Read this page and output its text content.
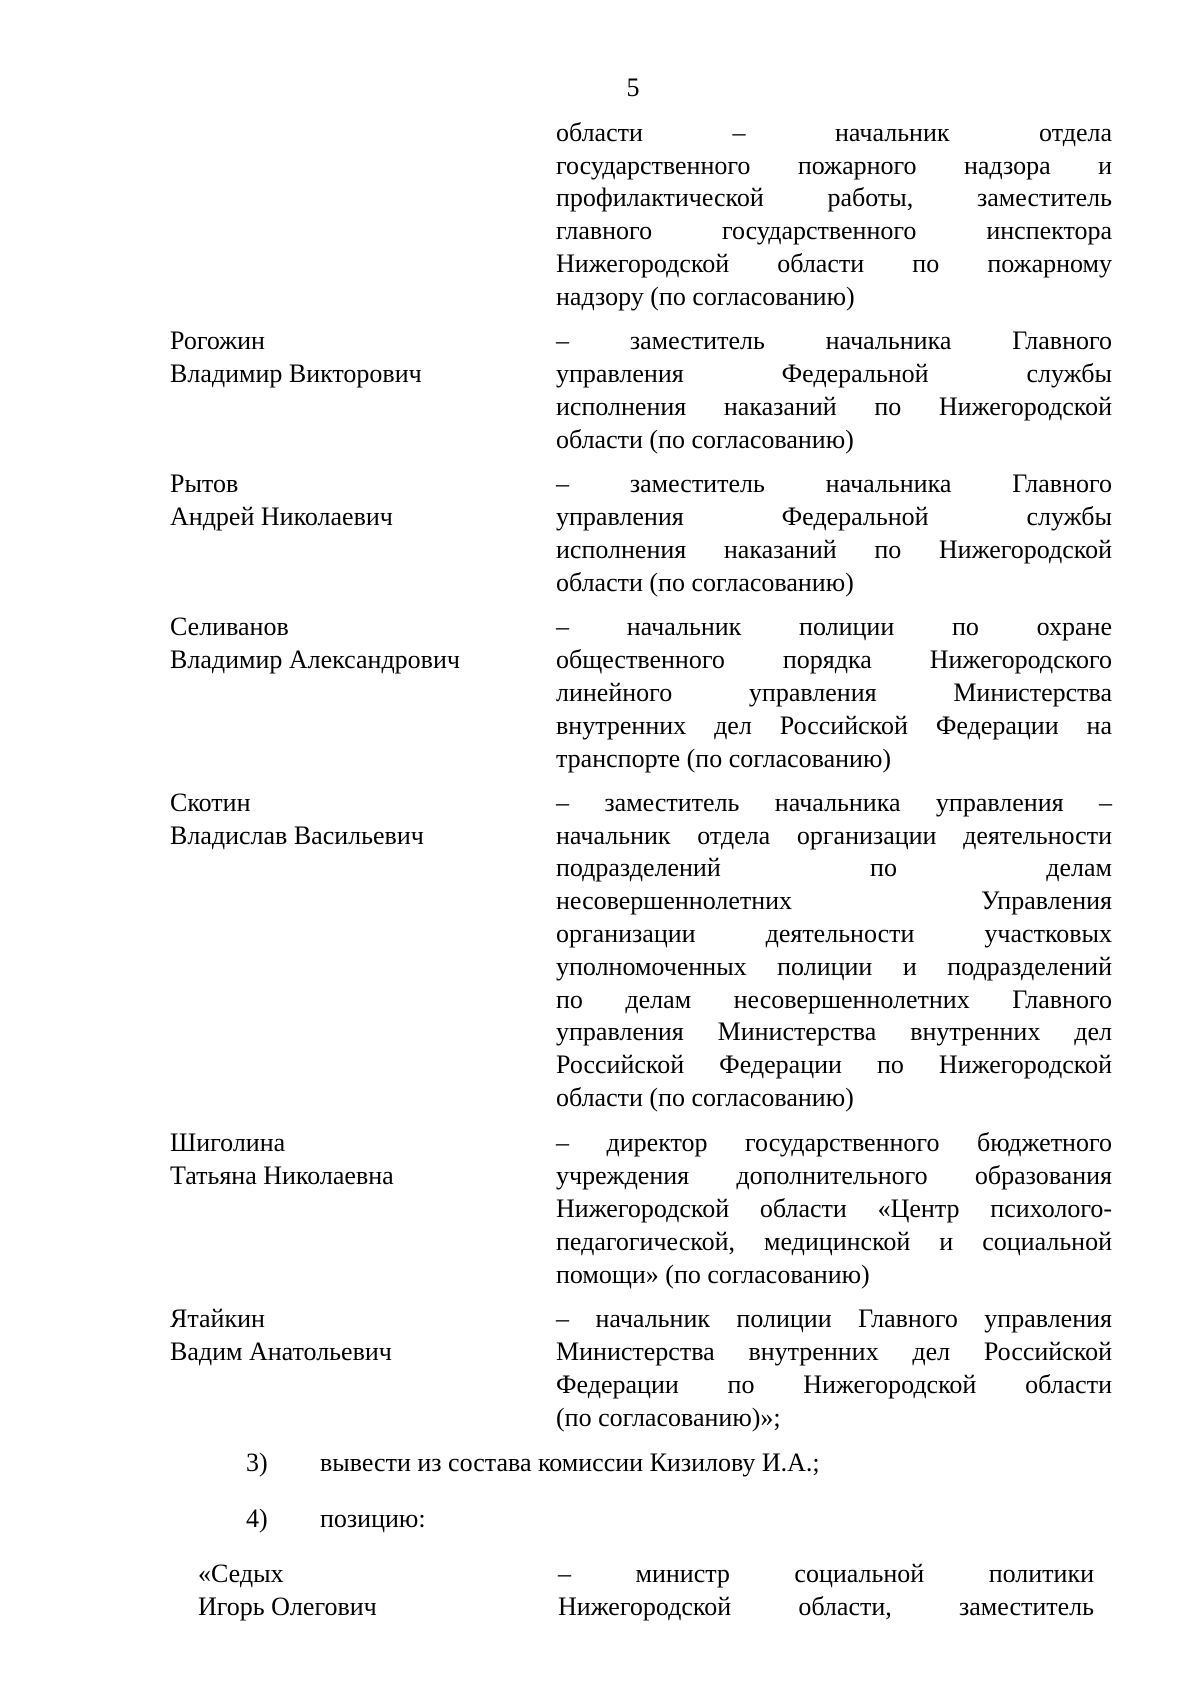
5
области – начальник отдела
государственного пожарного надзора и
профилактической работы, заместитель
главного государственного инспектора
Нижегородской области по пожарному
надзору (по согласованию)
Рогожин
Владимир Викторович
– заместитель начальника Главного
управления Федеральной службы
исполнения наказаний по Нижегородской
области (по согласованию)
Рытов
Андрей Николаевич
– заместитель начальника Главного
управления Федеральной службы
исполнения наказаний по Нижегородской
области (по согласованию)
Селиванов
Владимир Александрович
– начальник полиции по охране
общественного порядка Нижегородского
линейного управления Министерства
внутренних дел Российской Федерации на
транспорте (по согласованию)
Скотин
Владислав Васильевич
– заместитель начальника управления –
начальник отдела организации деятельности
подразделений по делам
несовершеннолетних Управления
организации деятельности участковых
уполномоченных полиции и подразделений
по делам несовершеннолетних Главного
управления Министерства внутренних дел
Российской Федерации по Нижегородской
области (по согласованию)
Шиголина
Татьяна Николаевна
– директор государственного бюджетного
учреждения дополнительного образования
Нижегородской области «Центр психолого-
педагогической, медицинской и социальной
помощи» (по согласованию)
Ятайкин
Вадим Анатольевич
– начальник полиции Главного управления
Министерства внутренних дел Российской
Федерации по Нижегородской области
(по согласованию)»;
3) вывести из состава комиссии Кизилову И.А.;
4) позицию:
«Седых
Игорь Олегович
– министр социальной политики
Нижегородской области, заместитель
